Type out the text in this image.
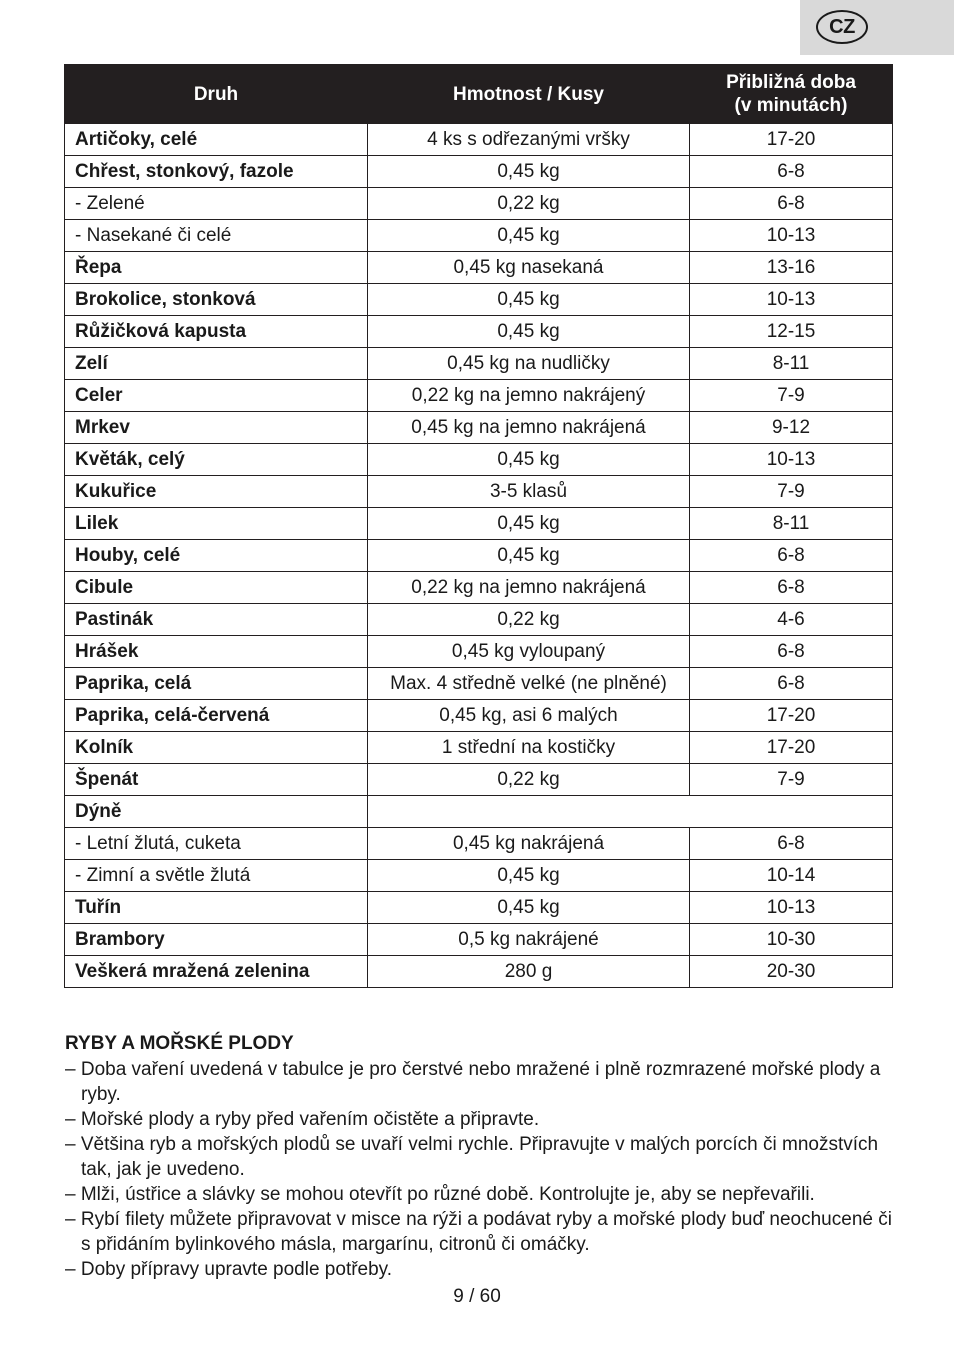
CZ
Druh	Hmotnost / Kusy	Přibližná doba
(v minutách)
Artičoky, celé	4 ks s odřezanými vršky	17-20
Chřest, stonkový, fazole	0,45 kg	6-8
- Zelené	0,22 kg	6-8
- Nasekané či celé	0,45 kg	10-13
Řepa	0,45 kg nasekaná	13-16
Brokolice, stonková	0,45 kg	10-13
Růžičková kapusta	0,45 kg	12-15
Zelí	0,45 kg na nudličky	8-11
Celer	0,22 kg na jemno nakrájený	7-9
Mrkev	0,45 kg na jemno nakrájená	9-12
Květák, celý	0,45 kg	10-13
Kukuřice	3-5 klasů	7-9
Lilek	0,45 kg	8-11
Houby, celé	0,45 kg	6-8
Cibule	0,22 kg na jemno nakrájená	6-8
Pastinák	0,22 kg	4-6
Hrášek	0,45 kg vyloupaný	6-8
Paprika, celá	Max. 4 středně velké (ne plněné)	6-8
Paprika, celá-červená	0,45 kg, asi 6 malých	17-20
Kolník	1 střední na kostičky	17-20
Špenát	0,22 kg	7-9
Dýně		
- Letní žlutá, cuketa	0,45 kg nakrájená	6-8
- Zimní a světle žlutá	0,45 kg	10-14
Tuřín	0,45 kg	10-13
Brambory	0,5 kg nakrájené	10-30
Veškerá mražená zelenina	280 g	20-30
RYBY A MOŘSKÉ PLODY
– Doba vaření uvedená v tabulce je pro čerstvé nebo mražené i plně rozmrazené mořské plody a ryby.
– Mořské plody a ryby před vařením očistěte a připravte.
– Většina ryb a mořských plodů se uvaří velmi rychle. Připravujte v malých porcích či množstvích tak, jak je uvedeno.
– Mlži, ústřice a slávky se mohou otevřít po různé době. Kontrolujte je, aby se nepřevařili.
– Rybí filety můžete připravovat v misce na rýži a podávat ryby a mořské plody buď neochucené či s přidáním bylinkového másla, margarínu, citronů či omáčky.
– Doby přípravy upravte podle potřeby.
9 / 60
